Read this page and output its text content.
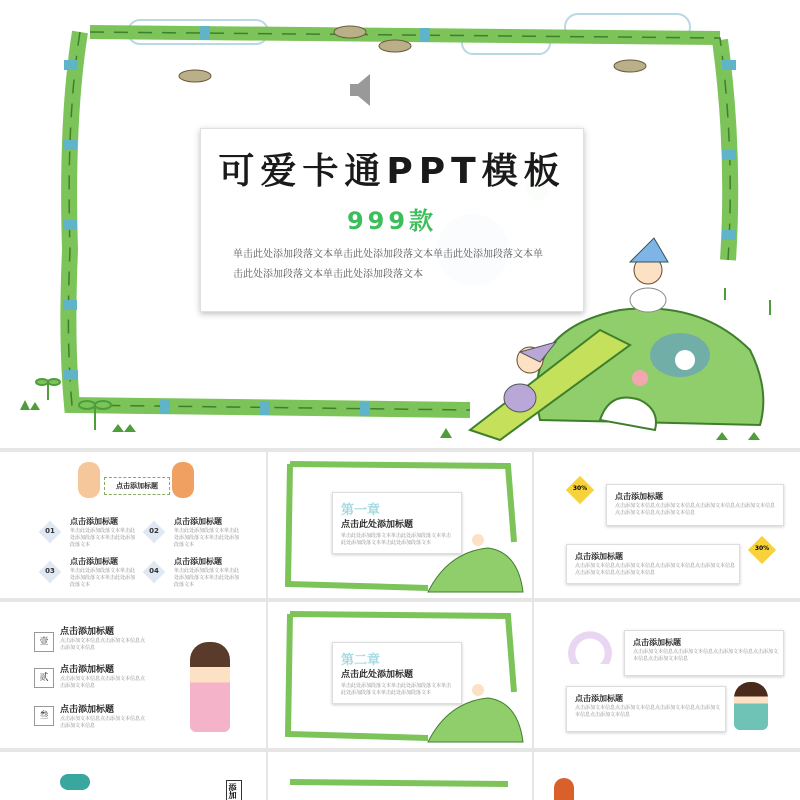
可爱卡通PPT模板
999款
单击此处添加段落文本单击此处添加段落文本单击此处添加段落文本单击此处添加段落文本单击此处添加段落文本
点击添加标题
01
点击添加标题
单击此处添加段落文本单击此处添加段落文本单击此处添加段落文本
02
点击添加标题
单击此处添加段落文本单击此处添加段落文本单击此处添加段落文本
03
点击添加标题
单击此处添加段落文本单击此处添加段落文本单击此处添加段落文本
04
点击添加标题
单击此处添加段落文本单击此处添加段落文本单击此处添加段落文本
第一章
点击此处添加标题
单击此处添加段落文本单击此处添加段落文本单击此处添加段落文本单击此处添加段落文本
30%
点击添加标题
点击添加文本信息点击添加文本信息点击添加文本信息点击添加文本信息点击添加文本信息点击添加文本信息
点击添加标题
点击添加文本信息点击添加文本信息点击添加文本信息点击添加文本信息点击添加文本信息点击添加文本信息
30%
壹
点击添加标题
点击添加文本信息点击添加文本信息点击添加文本信息
贰
点击添加标题
点击添加文本信息点击添加文本信息点击添加文本信息
叁
点击添加标题
点击添加文本信息点击添加文本信息点击添加文本信息
第二章
点击此处添加标题
单击此处添加段落文本单击此处添加段落文本单击此处添加段落文本单击此处添加段落文本
点击添加标题
点击添加文本信息点击添加文本信息点击添加文本信息点击添加文本信息点击添加文本信息
点击添加标题
点击添加文本信息点击添加文本信息点击添加文本信息点击添加文本信息点击添加文本信息
添加
